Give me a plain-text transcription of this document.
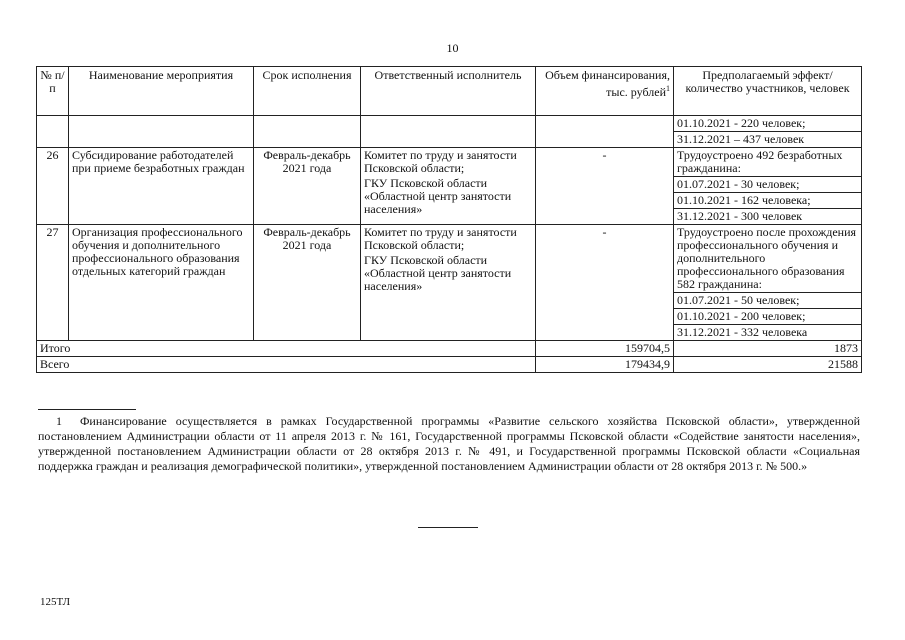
10
№ п/п	Наименование мероприятия	Срок исполнения	Ответственный исполнитель	Объем финансирования, тыс. рублей$^1$	Предполагаемый эффект/количество участников, человек

					01.10.2021 - 220 человек;
31.12.2021 – 437 человек

26	Субсидирование работодателей при приеме безработных граждан	Февраль-декабрь 2021 года	Комитет по труду и занятости Псковской области;
ГКУ Псковской области «Областной центр занятости населения»	-	Трудоустроено 492 безработных гражданина:
01.07.2021 - 30 человек;
01.10.2021 - 162 человека;
31.12.2021 - 300 человек

27	Организация профессионального обучения и дополнительного профессионального образования отдельных категорий граждан	Февраль-декабрь 2021 года	Комитет по труду и занятости Псковской области;
ГКУ Псковской области «Областной центр занятости населения»	-	Трудоустроено после прохождения профессионального обучения и дополнительного профессионального образования 582 гражданина:
01.07.2021 - 50 человек;
01.10.2021 - 200 человек;
31.12.2021 - 332 человека

Итого				159704,5	1873
Всего				179434,9	21588
1 Финансирование осуществляется в рамках Государственной программы «Развитие сельского хозяйства Псковской области», утвержденной постановлением Администрации области от 11 апреля 2013 г. № 161, Государственной программы Псковской области «Содействие занятости населения», утвержденной постановлением Администрации области от 28 октября 2013 г. № 491, и Государственной программы Псковской области «Социальная поддержка граждан и реализация демографической политики», утвержденной постановлением Администрации области от 28 октября 2013 г. № 500.»
125ТЛ
